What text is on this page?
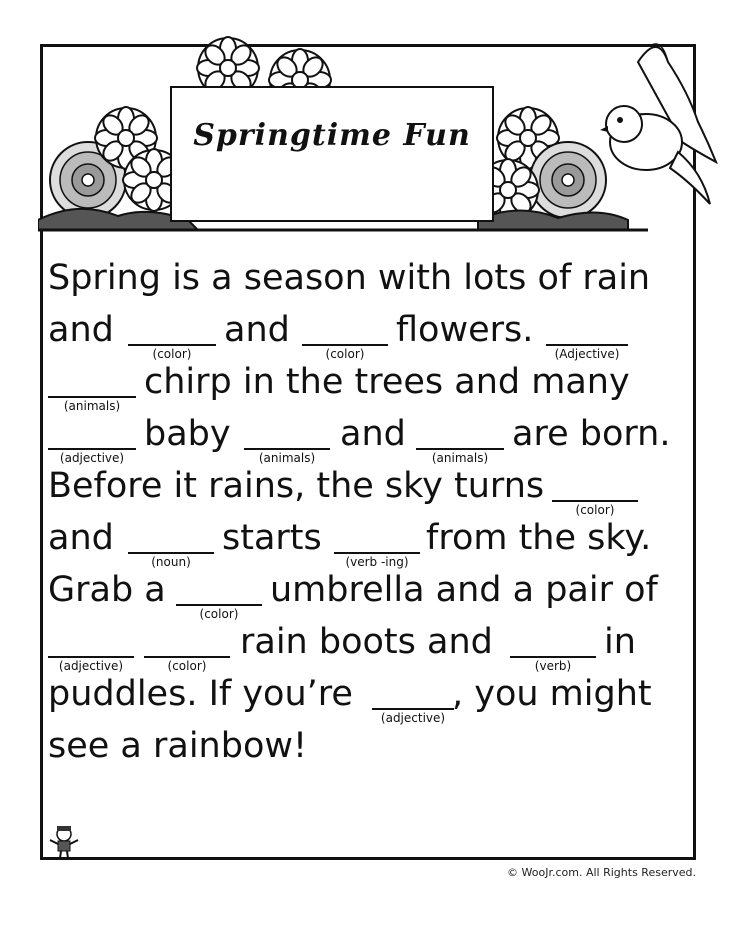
Springtime Fun
Spring is a season with lots of rain
and	and	flowers.
(color)	(color)	(Adjective)
chirp in the trees and many
(animals)
baby	and	are born.
(adjective)	(animals)	(animals)
Before it rains, the sky turns
(color)
and	starts	from the sky.
(noun)	(verb -ing)
Grab a	umbrella and a pair of
(color)
rain boots and	in
(adjective)	(color)	(verb)
puddles. If you’re	, you might
(adjective)
see a rainbow!
© WooJr.com. All Rights Reserved.
